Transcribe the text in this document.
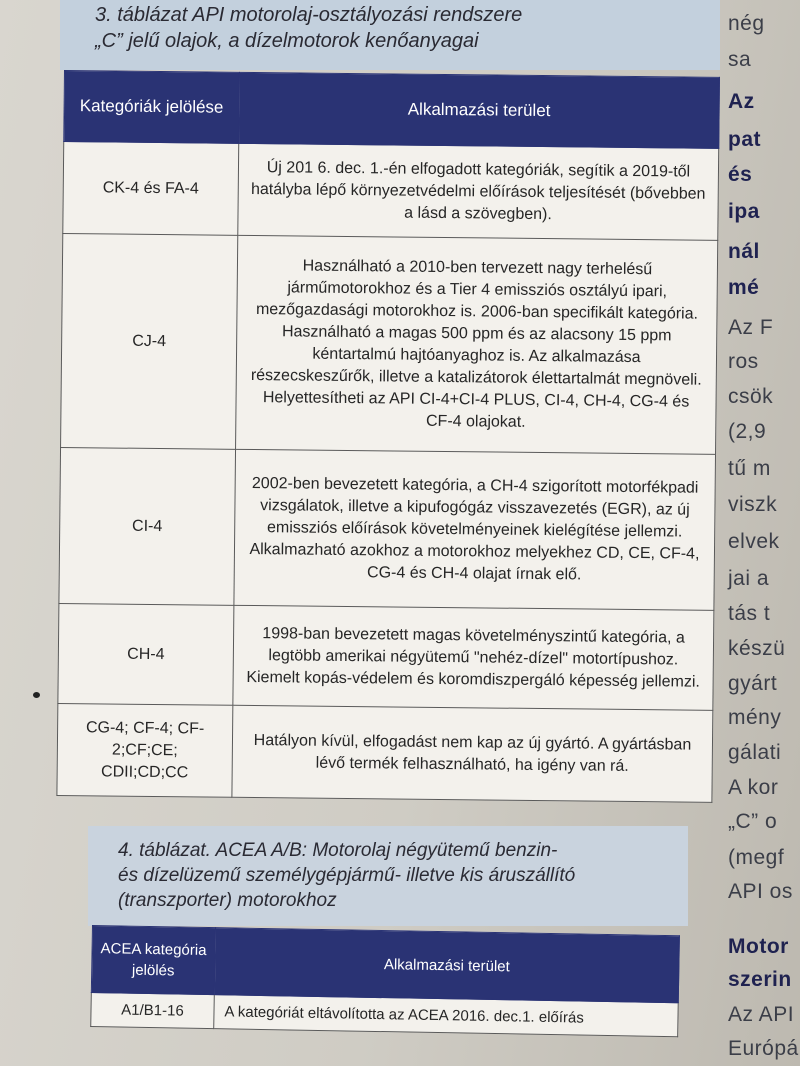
3. táblázat API motorolaj-osztályozási rendszere
„C” jelű olajok, a dízelmotorok kenőanyagai
Kategóriák jelölése	Alkalmazási terület
CK-4 és FA-4	Új 201 6. dec. 1.-én elfogadott kategóriák, segítik a 2019-től hatályba lépő környezetvédelmi előírások teljesítését (bővebben a lásd a szövegben).
CJ-4	Használható a 2010-ben tervezett nagy terhelésű járműmotorokhoz és a Tier 4 emissziós osztályú ipari, mezőgazdasági motorokhoz is. 2006-ban specifikált kategória. Használható a magas 500 ppm és az alacsony 15 ppm kéntartalmú hajtóanyaghoz is. Az alkalmazása részecskeszűrők, illetve a katalizátorok élettartalmát megnöveli. Helyettesítheti az API CI-4+CI-4 PLUS, CI-4, CH-4, CG-4 és CF-4 olajokat.
CI-4	2002-ben bevezetett kategória, a CH-4 szigorított motorfékpadi vizsgálatok, illetve a kipufogógáz visszavezetés (EGR), az új emissziós előírások követelményeinek kielégítése jellemzi. Alkalmazható azokhoz a motorokhoz melyekhez CD, CE, CF-4, CG-4 és CH-4 olajat írnak elő.
CH-4	1998-ban bevezetett magas követelményszintű kategória, a legtöbb amerikai négyütemű "nehéz-dízel" motortípushoz. Kiemelt kopás-védelem és koromdiszpergáló képesség jellemzi.
CG-4; CF-4; CF-2;CF;CE; CDII;CD;CC	Hatályon kívül, elfogadást nem kap az új gyártó. A gyártásban lévő termék felhasználható, ha igény van rá.
4. táblázat. ACEA A/B: Motorolaj négyütemű benzin-
és dízelüzemű személygépjármű- illetve kis áruszállító
(transzporter) motorokhoz
ACEA kategória jelölés	Alkalmazási terület
A1/B1-16	A kategóriát eltávolította az ACEA 2016. dec.1. előírás
nég
sa
Az
pat
és
ipa
nál
mé
Az F
ros
csök
(2,9
tű m
viszk
elvek
jai a
tás t
készü
gyárt
mény
gálati
A kor
„C” o
(megf
API os
Motor
szerin
Az API
Európá
